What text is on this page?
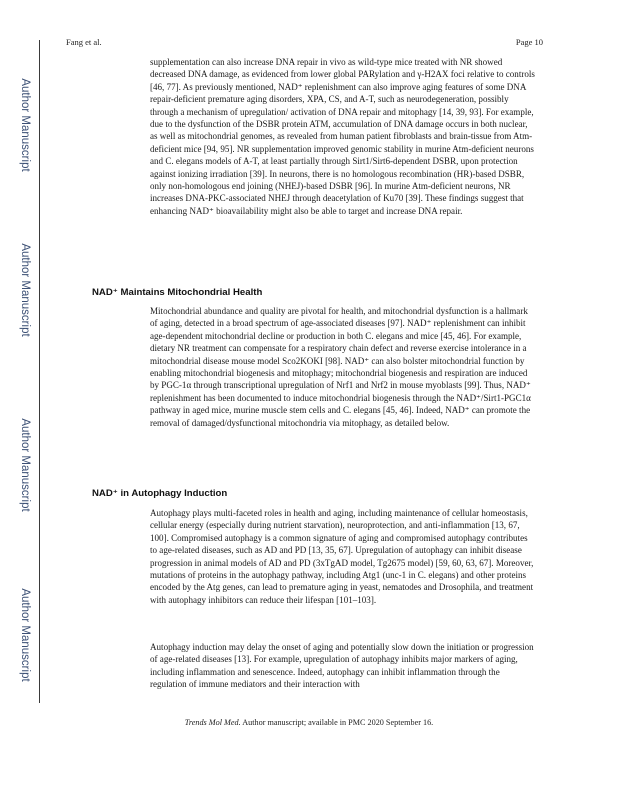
Author Manuscript
Author Manuscript
Author Manuscript
Author Manuscript
Fang et al.	Page 10

supplementation can also increase DNA repair in vivo as wild-type mice treated with NR showed decreased DNA damage, as evidenced from lower global PARylation and γ-H2AX foci relative to controls [46, 77]. As previously mentioned, NAD⁺ replenishment can also improve aging features of some DNA repair-deficient premature aging disorders, XPA, CS, and A-T, such as neurodegeneration, possibly through a mechanism of upregulation/ activation of DNA repair and mitophagy [14, 39, 93]. For example, due to the dysfunction of the DSBR protein ATM, accumulation of DNA damage occurs in both nuclear, as well as mitochondrial genomes, as revealed from human patient fibroblasts and brain-tissue from Atm-deficient mice [94, 95]. NR supplementation improved genomic stability in murine Atm-deficient neurons and C. elegans models of A-T, at least partially through Sirt1/Sirt6-dependent DSBR, upon protection against ionizing irradiation [39]. In neurons, there is no homologous recombination (HR)-based DSBR, only non-homologous end joining (NHEJ)-based DSBR [96]. In murine Atm-deficient neurons, NR increases DNA-PKC-associated NHEJ through deacetylation of Ku70 [39]. These findings suggest that enhancing NAD⁺ bioavailability might also be able to target and increase DNA repair.

NAD⁺ Maintains Mitochondrial Health

Mitochondrial abundance and quality are pivotal for health, and mitochondrial dysfunction is a hallmark of aging, detected in a broad spectrum of age-associated diseases [97]. NAD⁺ replenishment can inhibit age-dependent mitochondrial decline or production in both C. elegans and mice [45, 46]. For example, dietary NR treatment can compensate for a respiratory chain defect and reverse exercise intolerance in a mitochondrial disease mouse model Sco2KOKI [98]. NAD⁺ can also bolster mitochondrial function by enabling mitochondrial biogenesis and mitophagy; mitochondrial biogenesis and respiration are induced by PGC-1α through transcriptional upregulation of Nrf1 and Nrf2 in mouse myoblasts [99]. Thus, NAD⁺ replenishment has been documented to induce mitochondrial biogenesis through the NAD⁺/Sirt1-PGC1α pathway in aged mice, murine muscle stem cells and C. elegans [45, 46]. Indeed, NAD⁺ can promote the removal of damaged/dysfunctional mitochondria via mitophagy, as detailed below.

NAD⁺ in Autophagy Induction

Autophagy plays multi-faceted roles in health and aging, including maintenance of cellular homeostasis, cellular energy (especially during nutrient starvation), neuroprotection, and anti-inflammation [13, 67, 100]. Compromised autophagy is a common signature of aging and compromised autophagy contributes to age-related diseases, such as AD and PD [13, 35, 67]. Upregulation of autophagy can inhibit disease progression in animal models of AD and PD (3xTgAD model, Tg2675 model) [59, 60, 63, 67]. Moreover, mutations of proteins in the autophagy pathway, including Atg1 (unc-1 in C. elegans) and other proteins encoded by the Atg genes, can lead to premature aging in yeast, nematodes and Drosophila, and treatment with autophagy inhibitors can reduce their lifespan [101–103].

Autophagy induction may delay the onset of aging and potentially slow down the initiation or progression of age-related diseases [13]. For example, upregulation of autophagy inhibits major markers of aging, including inflammation and senescence. Indeed, autophagy can inhibit inflammation through the regulation of immune mediators and their interaction with

Trends Mol Med. Author manuscript; available in PMC 2020 September 16.
